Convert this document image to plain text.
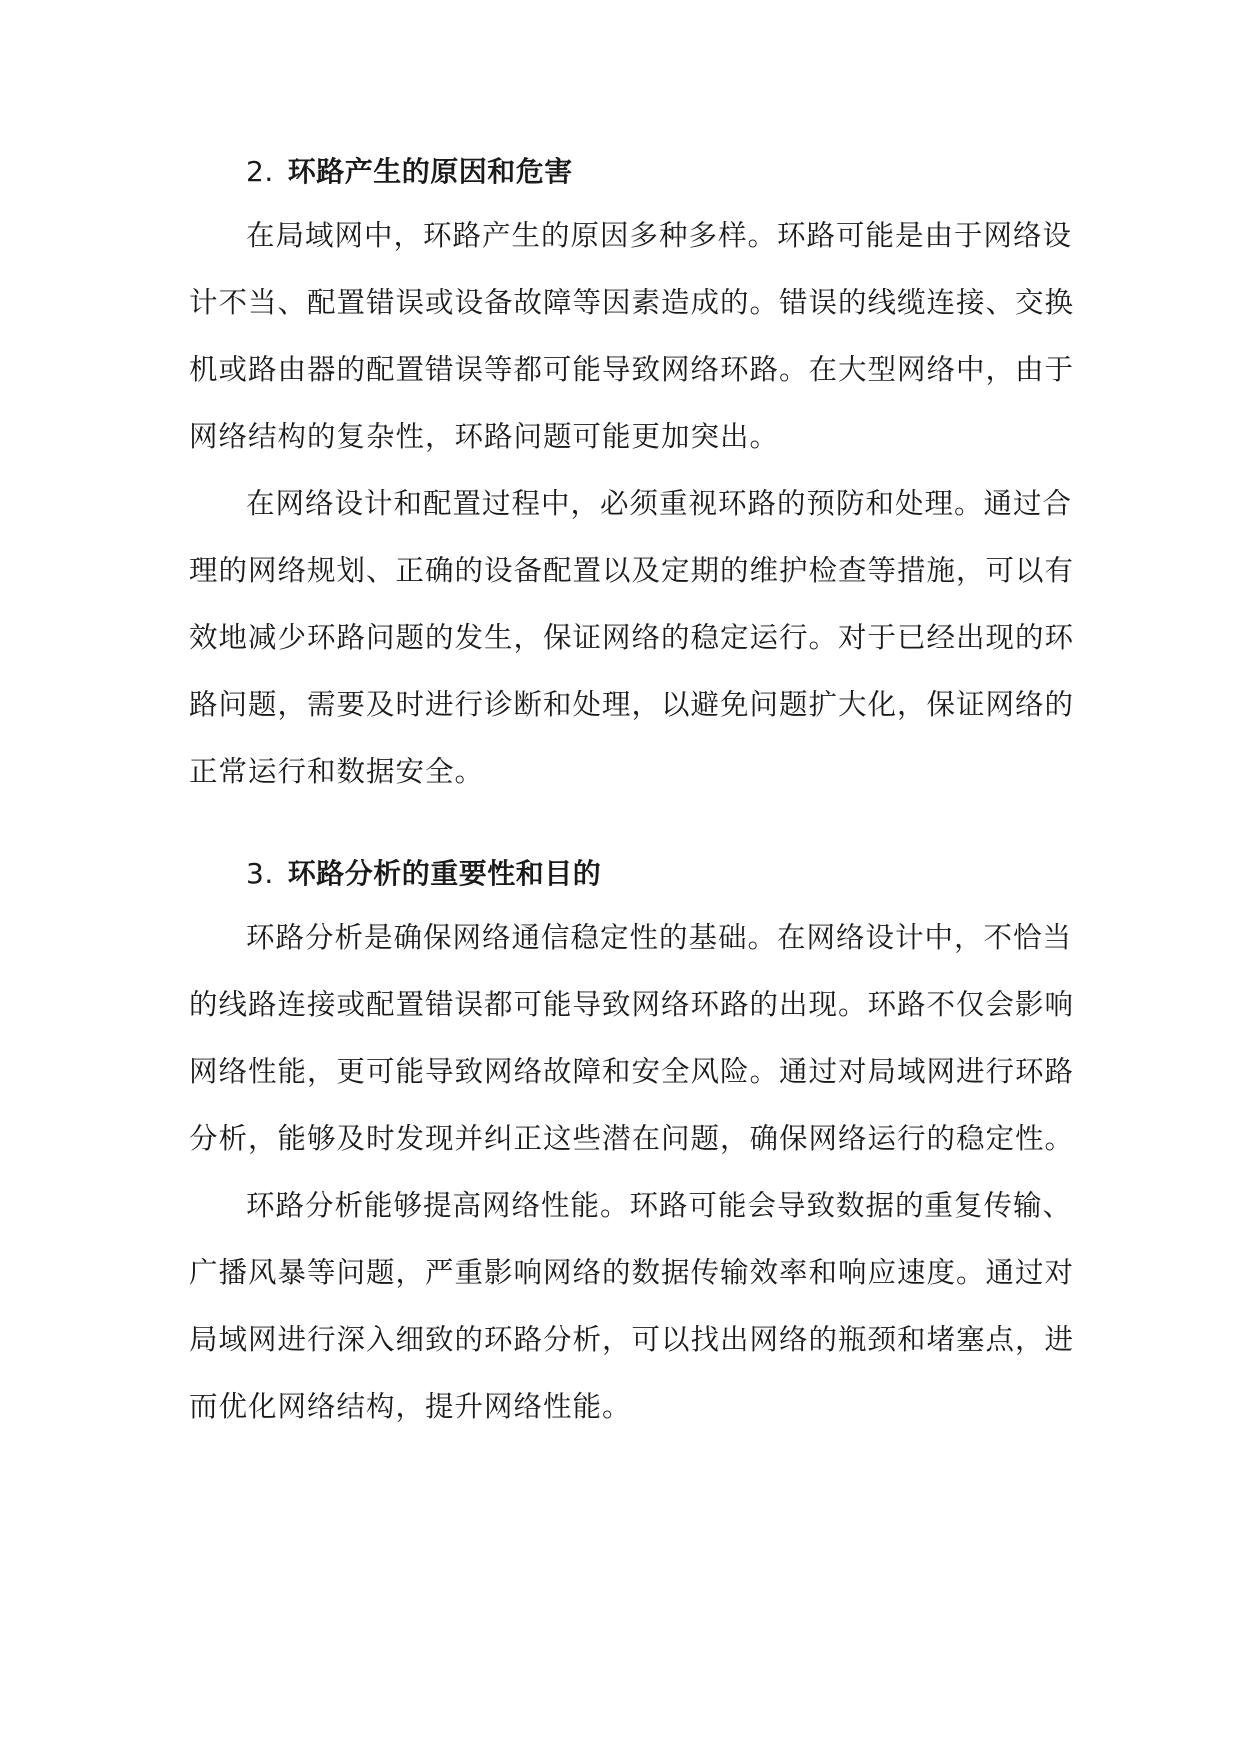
2. 环路产生的原因和危害
在局域网中，环路产生的原因多种多样。环路可能是由于网络设
计不当、配置错误或设备故障等因素造成的。错误的线缆连接、交换
机或路由器的配置错误等都可能导致网络环路。在大型网络中，由于
网络结构的复杂性，环路问题可能更加突出。
在网络设计和配置过程中，必须重视环路的预防和处理。通过合
理的网络规划、正确的设备配置以及定期的维护检查等措施，可以有
效地减少环路问题的发生，保证网络的稳定运行。对于已经出现的环
路问题，需要及时进行诊断和处理，以避免问题扩大化，保证网络的
正常运行和数据安全。
3. 环路分析的重要性和目的
环路分析是确保网络通信稳定性的基础。在网络设计中，不恰当
的线路连接或配置错误都可能导致网络环路的出现。环路不仅会影响
网络性能，更可能导致网络故障和安全风险。通过对局域网进行环路
分析，能够及时发现并纠正这些潜在问题，确保网络运行的稳定性。
环路分析能够提高网络性能。环路可能会导致数据的重复传输、
广播风暴等问题，严重影响网络的数据传输效率和响应速度。通过对
局域网进行深入细致的环路分析，可以找出网络的瓶颈和堵塞点，进
而优化网络结构，提升网络性能。
